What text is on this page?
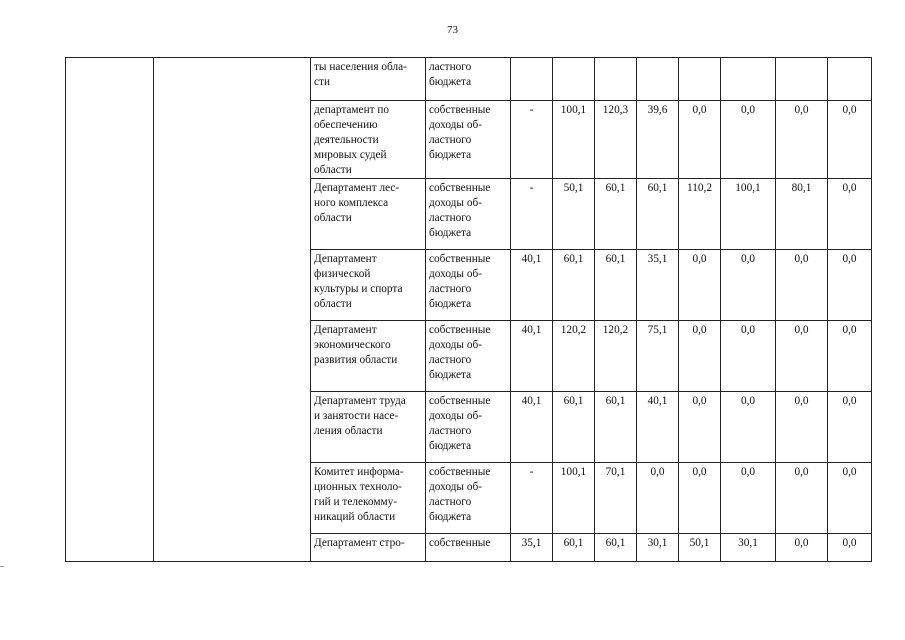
73
		ты населения обла-
сти	ластного
бюджета								
		департамент по
обеспечению
деятельности
мировых судей
области	собственные
доходы об-
ластного
бюджета	-	100,1	120,3	39,6	0,0	0,0	0,0	0,0
		Департамент лес-
ного комплекса
области	собственные
доходы об-
ластного
бюджета	-	50,1	60,1	60,1	110,2	100,1	80,1	0,0
		Департамент
физической
культуры и спорта
области	собственные
доходы об-
ластного
бюджета	40,1	60,1	60,1	35,1	0,0	0,0	0,0	0,0
		Департамент
экономического
развития области	собственные
доходы об-
ластного
бюджета	40,1	120,2	120,2	75,1	0,0	0,0	0,0	0,0
		Департамент труда
и занятости насе-
ления области	собственные
доходы об-
ластного
бюджета	40,1	60,1	60,1	40,1	0,0	0,0	0,0	0,0
		Комитет информа-
ционных техноло-
гий и телекомму-
никаций области	собственные
доходы об-
ластного
бюджета	-	100,1	70,1	0,0	0,0	0,0	0,0	0,0
		Департамент стро-	собственные	35,1	60,1	60,1	30,1	50,1	30,1	0,0	0,0
